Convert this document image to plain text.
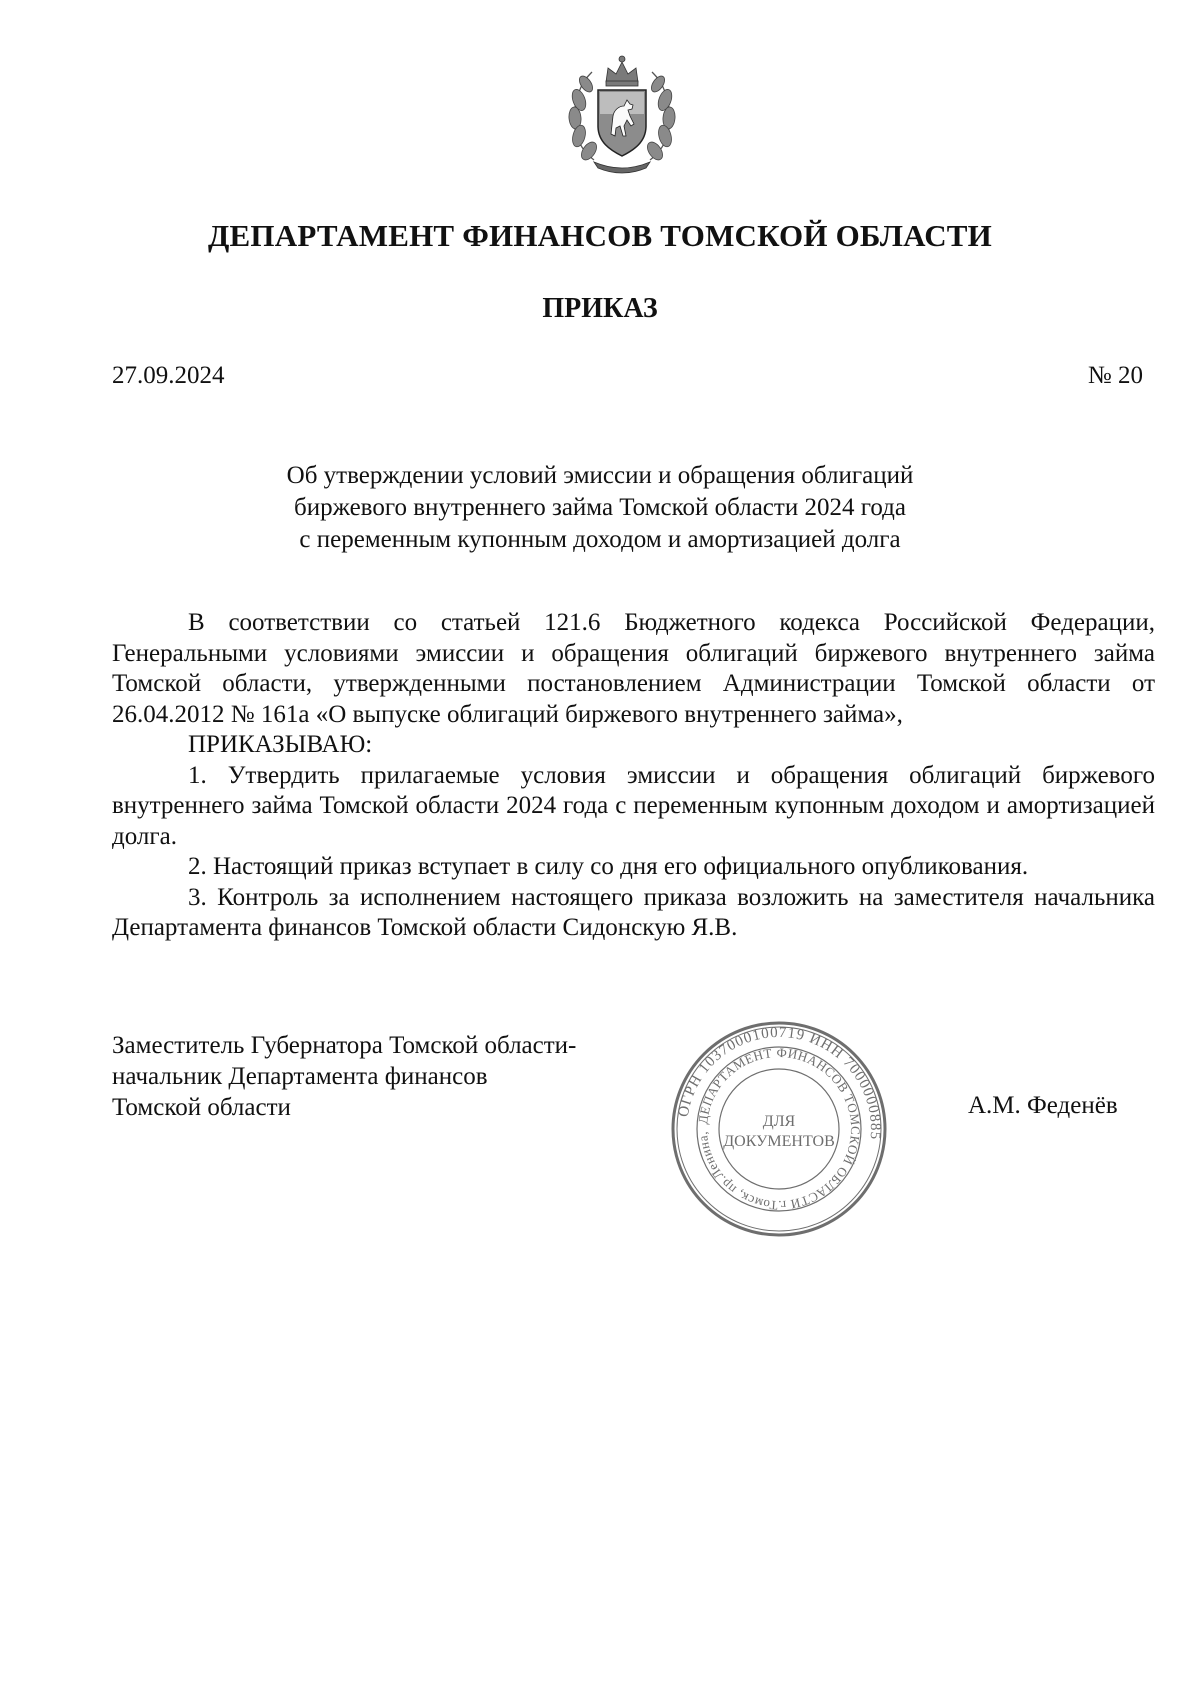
ДЕПАРТАМЕНТ ФИНАНСОВ ТОМСКОЙ ОБЛАСТИ
ПРИКАЗ
27.09.2024	№ 20
Об утверждении условий эмиссии и обращения облигаций
биржевого внутреннего займа Томской области 2024 года
с переменным купонным доходом и амортизацией долга

В соответствии со статьей 121.6 Бюджетного кодекса Российской Федерации, Генеральными условиями эмиссии и обращения облигаций биржевого внутреннего займа Томской области, утвержденными постановлением Администрации Томской области от 26.04.2012 № 161а «О выпуске облигаций биржевого внутреннего займа»,

ПРИКАЗЫВАЮ:

1. Утвердить прилагаемые условия эмиссии и обращения облигаций биржевого внутреннего займа Томской области 2024 года с переменным купонным доходом и амортизацией долга.

2. Настоящий приказ вступает в силу со дня его официального опубликования.

3. Контроль за исполнением настоящего приказа возложить на заместителя начальника Департамента финансов Томской области Сидонскую Я.В.

Заместитель Губернатора Томской области-
начальник Департамента финансов
Томской области	ОГРН 1037000100719 ИНН 7000000885
ДЕПАРТАМЕНТ ФИНАНСОВ ТОМСКОЙ ОБЛАСТИ г.Томск, пр.Ленина,
ДЛЯ
ДОКУМЕНТОВ
А.М. Феденёв
